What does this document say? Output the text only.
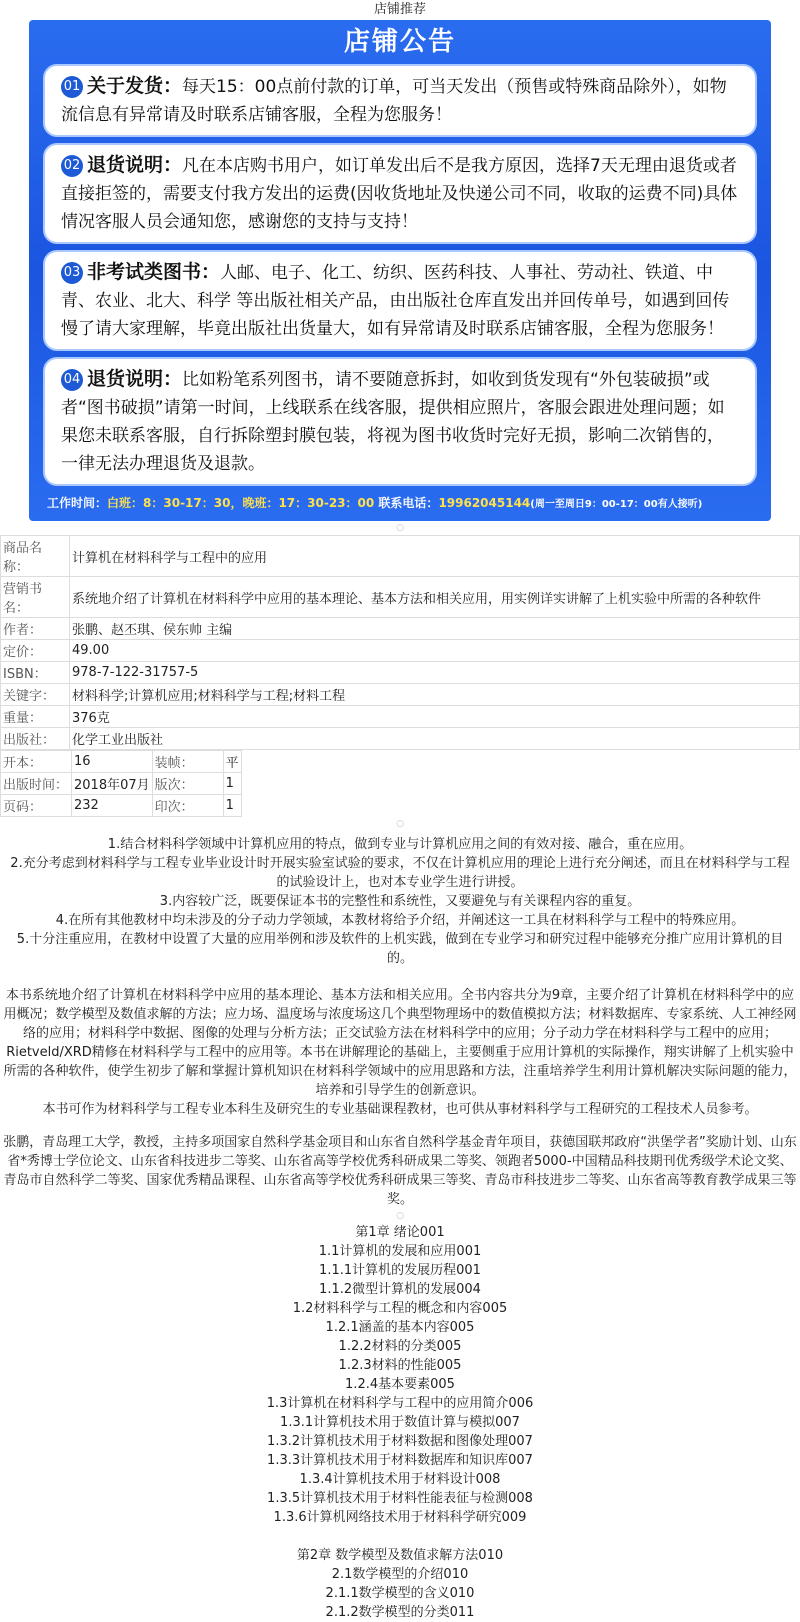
店铺推荐
店铺公告
01 关于发货：每天15：00点前付款的订单，可当天发出（预售或特殊商品除外），如物流信息有异常请及时联系店铺客服，全程为您服务！
02 退货说明：凡在本店购书用户，如订单发出后不是我方原因，选择7天无理由退货或者直接拒签的，需要支付我方发出的运费(因收货地址及快递公司不同，收取的运费不同)具体情况客服人员会通知您，感谢您的支持与支持！
03 非考试类图书：人邮、电子、化工、纺织、医药科技、人事社、劳动社、铁道、中青、农业、北大、科学 等出版社相关产品，由出版社仓库直发出并回传单号，如遇到回传慢了请大家理解，毕竟出版社出货量大，如有异常请及时联系店铺客服，全程为您服务！
04 退货说明：比如粉笔系列图书，请不要随意拆封，如收到货发现有“外包装破损”或者“图书破损”请第一时间，上线联系在线客服，提供相应照片，客服会跟进处理问题；如果您未联系客服，自行拆除塑封膜包装，将视为图书收货时完好无损，影响二次销售的，一律无法办理退货及退款。
工作时间：白班：8：30-17：30，晚班：17：30-23：00 联系电话：19962045144(周一至周日9：00-17：00有人接听)
○
商品名称：	计算机在材料科学与工程中的应用
营销书名：	系统地介绍了计算机在材料科学中应用的基本理论、基本方法和相关应用，用实例详实讲解了上机实验中所需的各种软件
作者：	张鹏、赵丕琪、侯东帅 主编
定价：	49.00
ISBN：	978-7-122-31757-5
关键字：	材料科学;计算机应用;材料科学与工程;材料工程
重量：	376克
出版社：	化学工业出版社
开本：	16	装帧：	平
出版时间：	2018年07月	版次：	1
页码：	232	印次：	1
○
1.结合材料科学领域中计算机应用的特点，做到专业与计算机应用之间的有效对接、融合，重在应用。
2.充分考虑到材料科学与工程专业毕业设计时开展实验室试验的要求，不仅在计算机应用的理论上进行充分阐述，而且在材料科学与工程的试验设计上，也对本专业学生进行讲授。
3.内容较广泛，既要保证本书的完整性和系统性，又要避免与有关课程内容的重复。
4.在所有其他教材中均未涉及的分子动力学领域，本教材将给予介绍，并阐述这一工具在材料科学与工程中的特殊应用。
5.十分注重应用，在教材中设置了大量的应用举例和涉及软件的上机实践，做到在专业学习和研究过程中能够充分推广应用计算机的目的。
本书系统地介绍了计算机在材料科学中应用的基本理论、基本方法和相关应用。全书内容共分为9章，主要介绍了计算机在材料科学中的应用概况；数学模型及数值求解的方法；应力场、温度场与浓度场这几个典型物理场中的数值模拟方法；材料数据库、专家系统、人工神经网络的应用；材料科学中数据、图像的处理与分析方法；正交试验方法在材料科学中的应用；分子动力学在材料科学与工程中的应用；Rietveld/XRD精修在材料科学与工程中的应用等。本书在讲解理论的基础上，主要侧重于应用计算机的实际操作，翔实讲解了上机实验中所需的各种软件，使学生初步了解和掌握计算机知识在材料科学领域中的应用思路和方法，注重培养学生利用计算机解决实际问题的能力，培养和引导学生的创新意识。
本书可作为材料科学与工程专业本科生及研究生的专业基础课程教材，也可供从事材料科学与工程研究的工程技术人员参考。
张鹏，青岛理工大学，教授，主持多项国家自然科学基金项目和山东省自然科学基金青年项目，获德国联邦政府“洪堡学者”奖励计划、山东省*秀博士学位论文、山东省科技进步二等奖、山东省高等学校优秀科研成果二等奖、领跑者5000-中国精品科技期刊优秀级学术论文奖、青岛市自然科学二等奖、国家优秀精品课程、山东省高等学校优秀科研成果三等奖、青岛市科技进步二等奖、山东省高等教育教学成果三等奖。
○
第1章 绪论001
1.1计算机的发展和应用001
1.1.1计算机的发展历程001
1.1.2微型计算机的发展004
1.2材料科学与工程的概念和内容005
1.2.1涵盖的基本内容005
1.2.2材料的分类005
1.2.3材料的性能005
1.2.4基本要素005
1.3计算机在材料科学与工程中的应用简介006
1.3.1计算机技术用于数值计算与模拟007
1.3.2计算机技术用于材料数据和图像处理007
1.3.3计算机技术用于材料数据库和知识库007
1.3.4计算机技术用于材料设计008
1.3.5计算机技术用于材料性能表征与检测008
1.3.6计算机网络技术用于材料科学研究009

第2章 数学模型及数值求解方法010
2.1数学模型的介绍010
2.1.1数学模型的含义010
2.1.2数学模型的分类011
